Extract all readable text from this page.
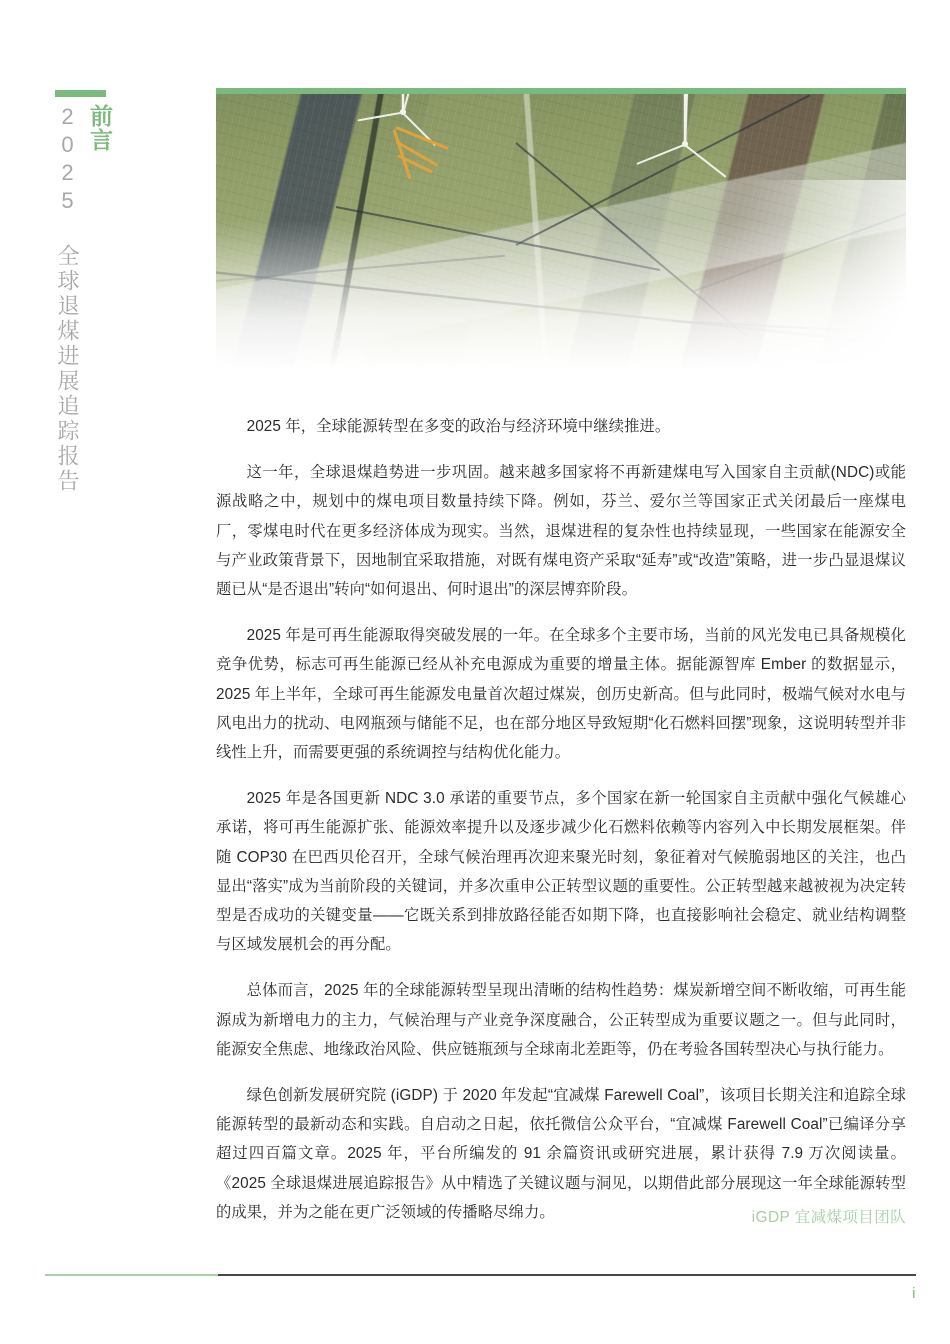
前言
2025 全球退煤进展追踪报告	2025 年，全球能源转型在多变的政治与经济环境中继续推进。

这一年，全球退煤趋势进一步巩固。越来越多国家将不再新建煤电写入国家自主贡献(NDC)或能源战略之中，规划中的煤电项目数量持续下降。例如，芬兰、爱尔兰等国家正式关闭最后一座煤电厂，零煤电时代在更多经济体成为现实。当然，退煤进程的复杂性也持续显现，一些国家在能源安全与产业政策背景下，因地制宜采取措施，对既有煤电资产采取“延寿”或“改造”策略，进一步凸显退煤议题已从“是否退出”转向“如何退出、何时退出”的深层博弈阶段。

2025 年是可再生能源取得突破发展的一年。在全球多个主要市场，当前的风光发电已具备规模化竞争优势，标志可再生能源已经从补充电源成为重要的增量主体。据能源智库 Ember 的数据显示，2025 年上半年，全球可再生能源发电量首次超过煤炭，创历史新高。但与此同时，极端气候对水电与风电出力的扰动、电网瓶颈与储能不足，也在部分地区导致短期“化石燃料回摆”现象，这说明转型并非线性上升，而需要更强的系统调控与结构优化能力。

2025 年是各国更新 NDC 3.0 承诺的重要节点，多个国家在新一轮国家自主贡献中强化气候雄心承诺，将可再生能源扩张、能源效率提升以及逐步减少化石燃料依赖等内容列入中长期发展框架。伴随 COP30 在巴西贝伦召开，全球气候治理再次迎来聚光时刻，象征着对气候脆弱地区的关注，也凸显出“落实”成为当前阶段的关键词，并多次重申公正转型议题的重要性。公正转型越来越被视为决定转型是否成功的关键变量——它既关系到排放路径能否如期下降，也直接影响社会稳定、就业结构调整与区域发展机会的再分配。

总体而言，2025 年的全球能源转型呈现出清晰的结构性趋势：煤炭新增空间不断收缩，可再生能源成为新增电力的主力，气候治理与产业竞争深度融合，公正转型成为重要议题之一。但与此同时，能源安全焦虑、地缘政治风险、供应链瓶颈与全球南北差距等，仍在考验各国转型决心与执行能力。

绿色创新发展研究院 (iGDP) 于 2020 年发起“宜减煤 Farewell Coal”，该项目长期关注和追踪全球能源转型的最新动态和实践。自启动之日起，依托微信公众平台，“宜减煤 Farewell Coal”已编译分享超过四百篇文章。2025 年，平台所编发的 91 余篇资讯或研究进展，累计获得 7.9 万次阅读量。《2025 全球退煤进展追踪报告》从中精选了关键议题与洞见，以期借此部分展现这一年全球能源转型的成果，并为之能在更广泛领域的传播略尽绵力。	iGDP 宜减煤项目团队
i
